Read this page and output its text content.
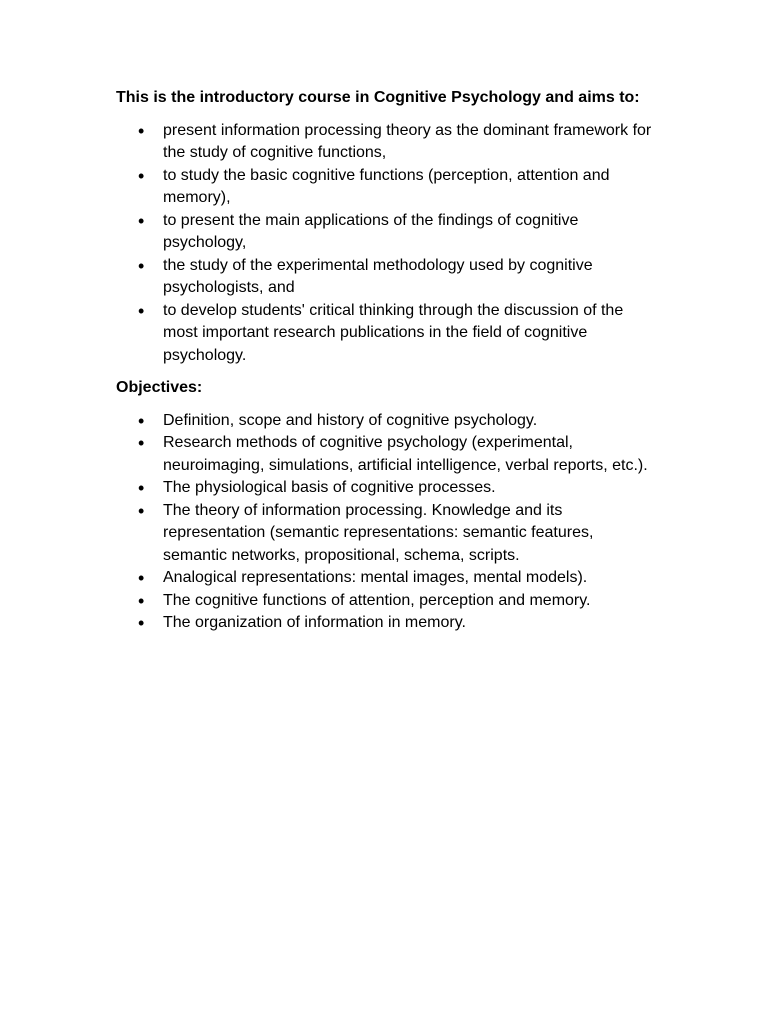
This is the introductory course in Cognitive Psychology and aims to:

• present information processing theory as the dominant framework for the study of cognitive functions,
• to study the basic cognitive functions (perception, attention and memory),
• to present the main applications of the findings of cognitive psychology,
• the study of the experimental methodology used by cognitive psychologists, and
• to develop students' critical thinking through the discussion of the most important research publications in the field of cognitive psychology.

Objectives:

• Definition, scope and history of cognitive psychology.
• Research methods of cognitive psychology (experimental, neuroimaging, simulations, artificial intelligence, verbal reports, etc.).
• The physiological basis of cognitive processes.
• The theory of information processing. Knowledge and its representation (semantic representations: semantic features, semantic networks, propositional, schema, scripts.
• Analogical representations: mental images, mental models).
• The cognitive functions of attention, perception and memory.
• The organization of information in memory.
